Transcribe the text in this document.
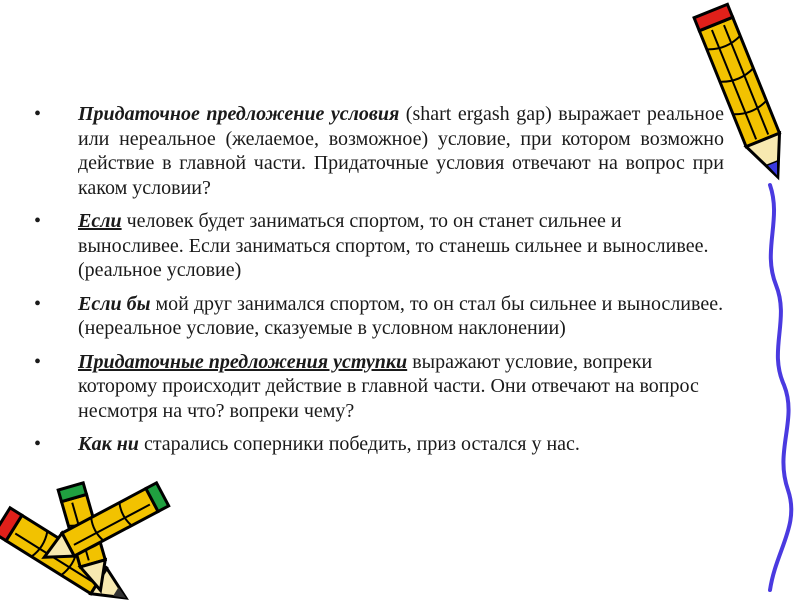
• Придаточное предложение условия (shart ergash gap) выражает реальное или нереальное (желаемое, возможное) условие, при котором возможно действие в главной части. Придаточные условия отвечают на вопрос при каком условии?
• Если человек будет заниматься спортом, то он станет сильнее и выносливее. Если заниматься спортом, то станешь сильнее и выносливее. (реальное условие)
• Если бы мой друг занимался спортом, то он стал бы сильнее и выносливее. (нереальное условие, сказуемые в условном наклонении)
• Придаточные предложения уступки выражают условие, вопреки которому происходит действие в главной части. Они отвечают на вопрос несмотря на что? вопреки чему?
• Как ни старались соперники победить, приз остался у нас.
